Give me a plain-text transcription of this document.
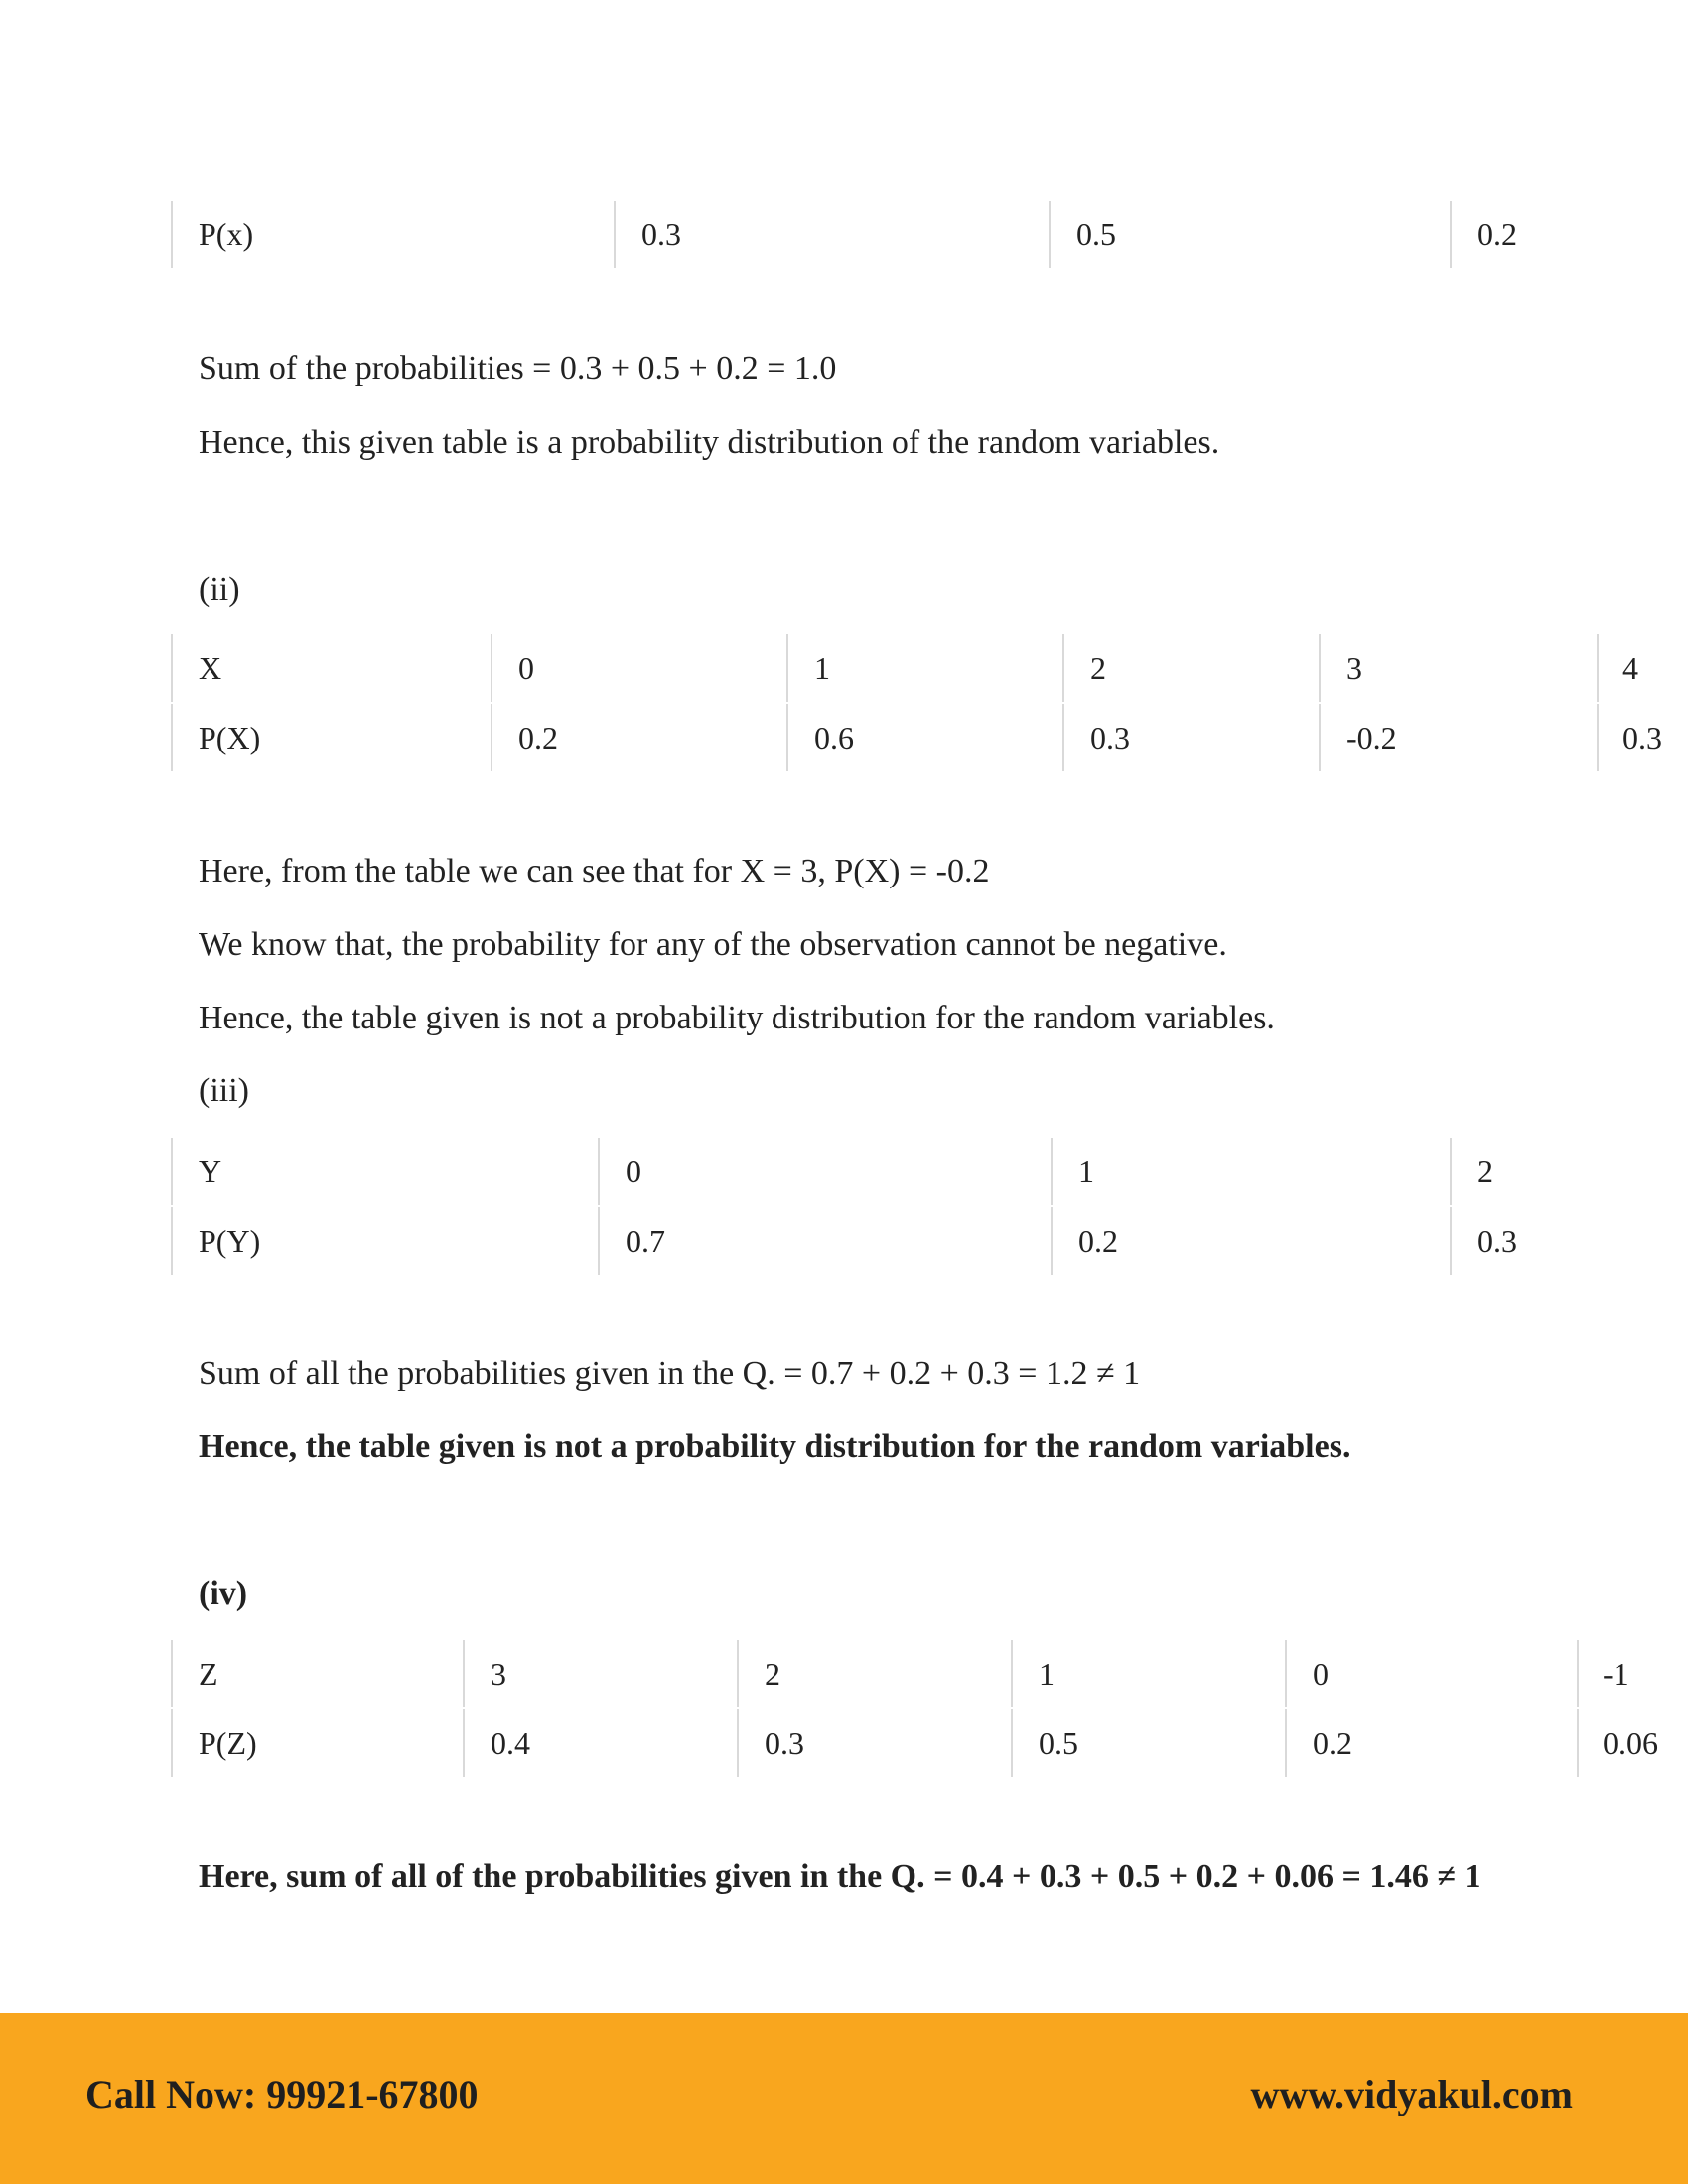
P(x)	0.3	0.5	0.2
Sum of the probabilities = 0.3 + 0.5 + 0.2 = 1.0
Hence, this given table is a probability distribution of the random variables.
(ii)
X	0	1	2	3	4
P(X)	0.2	0.6	0.3	-0.2	0.3
Here, from the table we can see that for X = 3, P(X) = -0.2
We know that, the probability for any of the observation cannot be negative.
Hence, the table given is not a probability distribution for the random variables.
(iii)
Y	0	1	2
P(Y)	0.7	0.2	0.3
Sum of all the probabilities given in the Q. = 0.7 + 0.2 + 0.3 = 1.2 ≠ 1
Hence, the table given is not a probability distribution for the random variables.
(iv)
Z	3	2	1	0	-1
P(Z)	0.4	0.3	0.5	0.2	0.06
Here, sum of all of the probabilities given in the Q. = 0.4 + 0.3 + 0.5 + 0.2 + 0.06 = 1.46 ≠ 1
Call Now: 99921-67800	www.vidyakul.com
